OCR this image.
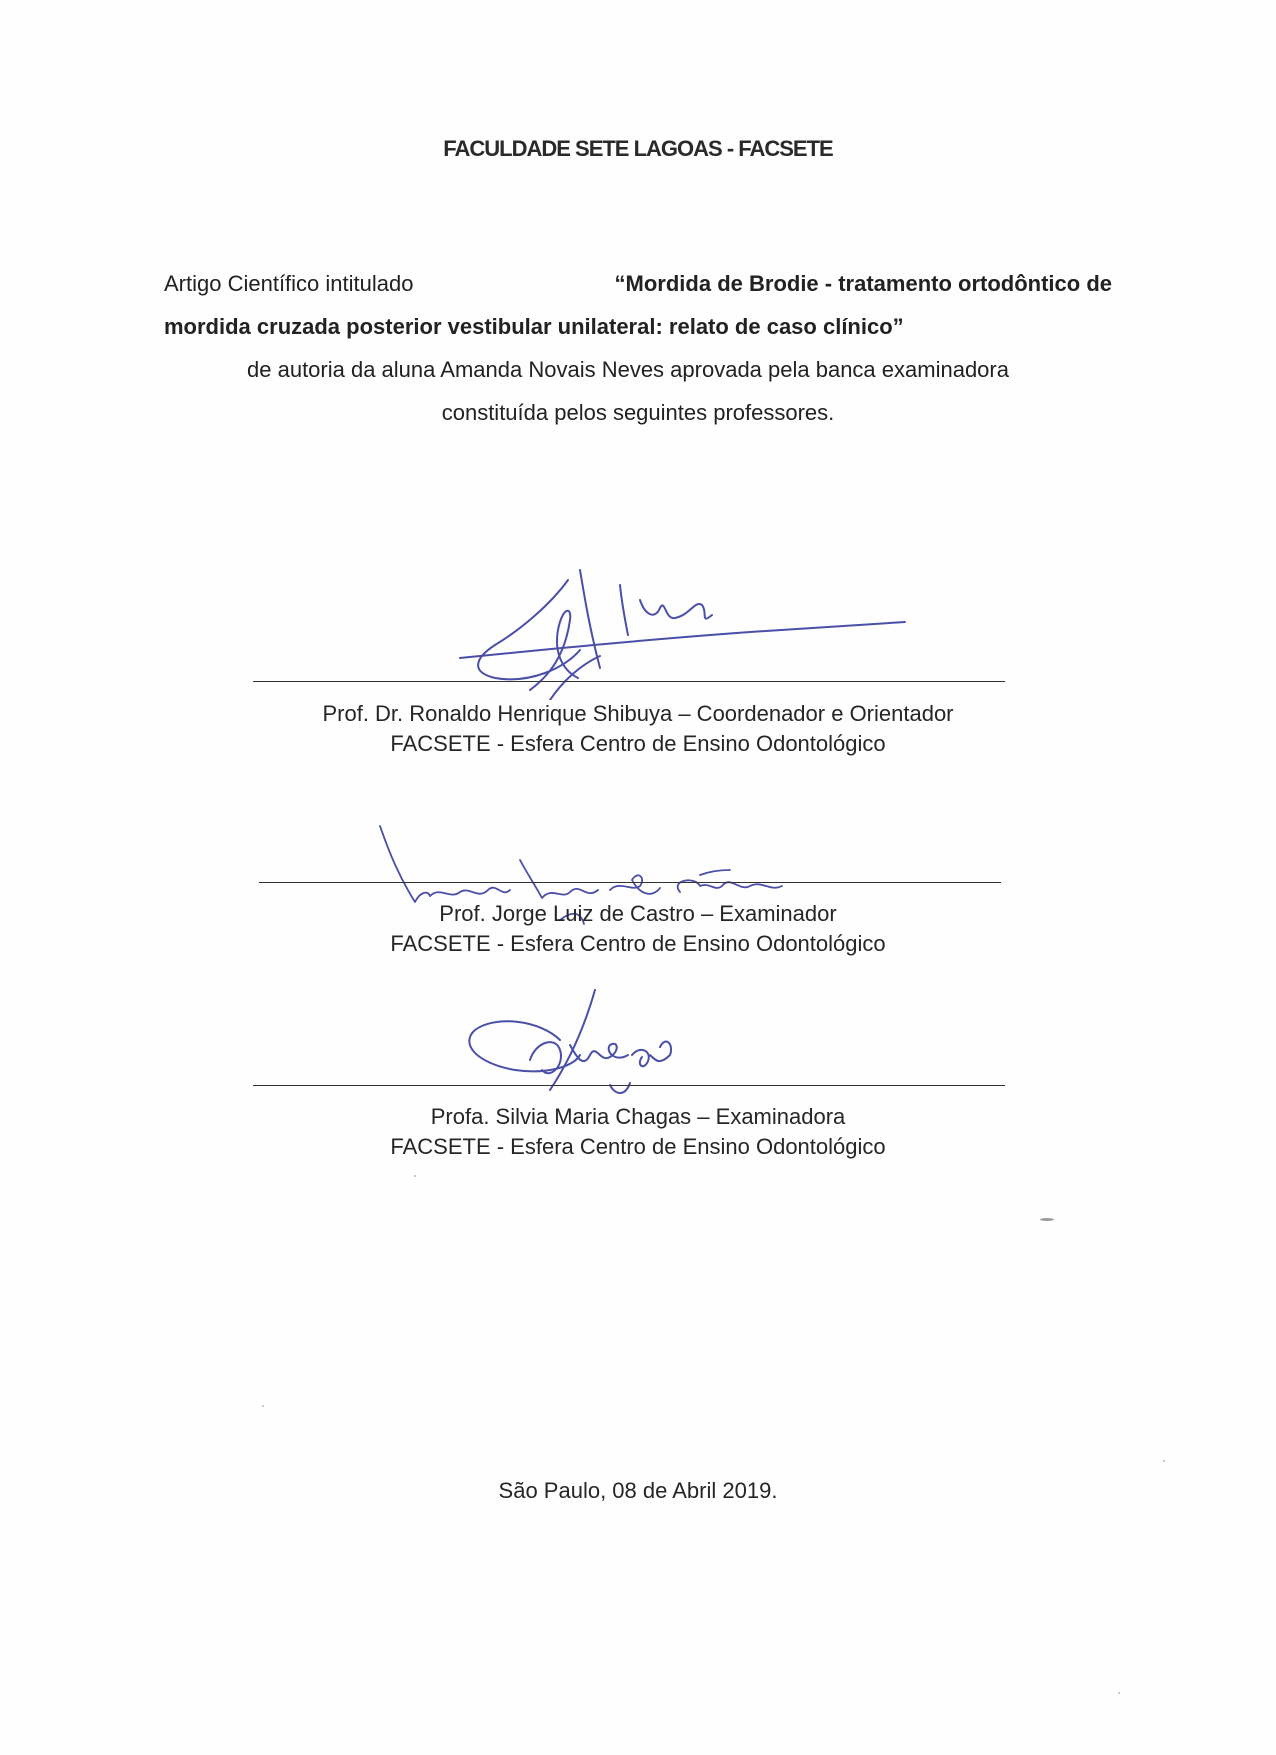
FACULDADE SETE LAGOAS - FACSETE
Artigo Científico intitulado	“Mordida de Brodie - tratamento ortodôntico de
mordida cruzada posterior vestibular unilateral: relato de caso clínico”
de autoria da aluna Amanda Novais Neves aprovada pela banca examinadora
constituída pelos seguintes professores.
Prof. Dr. Ronaldo Henrique Shibuya – Coordenador e Orientador
FACSETE - Esfera Centro de Ensino Odontológico
Prof. Jorge Luiz de Castro – Examinador
FACSETE - Esfera Centro de Ensino Odontológico
Profa. Silvia Maria Chagas – Examinadora
FACSETE - Esfera Centro de Ensino Odontológico
São Paulo, 08 de Abril 2019.
